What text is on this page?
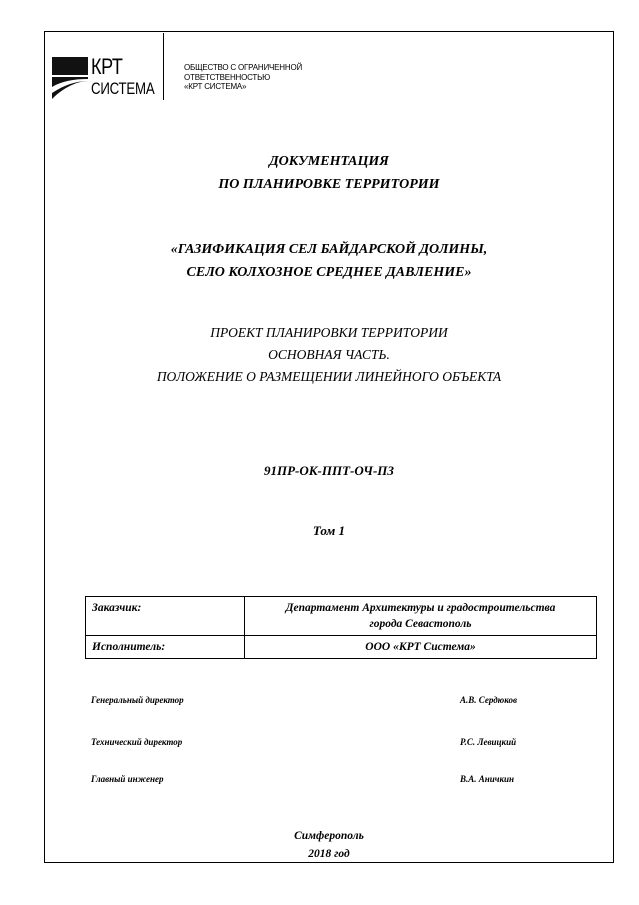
КРТ
СИСТЕМА
ОБЩЕСТВО С ОГРАНИЧЕННОЙ
ОТВЕТСТВЕННОСТЬЮ
«КРТ СИСТЕМА»
ДОКУМЕНТАЦИЯ
ПО ПЛАНИРОВКЕ ТЕРРИТОРИИ
«ГАЗИФИКАЦИЯ СЕЛ БАЙДАРСКОЙ ДОЛИНЫ,
СЕЛО КОЛХОЗНОЕ СРЕДНЕЕ ДАВЛЕНИЕ»
ПРОЕКТ ПЛАНИРОВКИ ТЕРРИТОРИИ
ОСНОВНАЯ ЧАСТЬ.
ПОЛОЖЕНИЕ О РАЗМЕЩЕНИИ ЛИНЕЙНОГО ОБЪЕКТА
91ПР-ОК-ППТ-ОЧ-ПЗ
Том 1
Заказчик:	Департамент Архитектуры и градостроительства
города Севастополь

Исполнитель:	ООО «КРТ Система»
Генеральный директор	А.В. Сердюков
Технический директор	Р.С. Левицкий
Главный инженер	В.А. Аничкин
Симферополь
2018 год
